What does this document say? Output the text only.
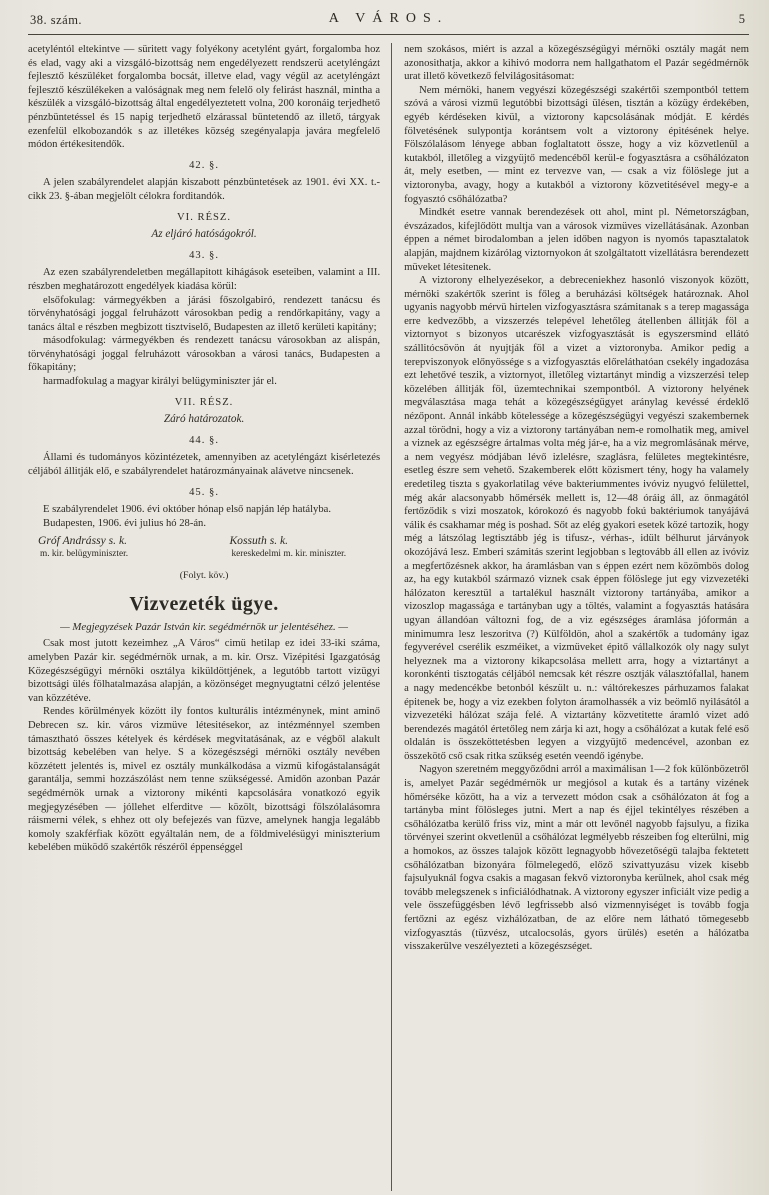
38. szám.	A VÁROS.	5

acetyléntól eltekintve — süritett vagy folyékony acetylént gyárt, forgalomba hoz és elad, vagy aki a vizsgáló-bizottság nem engedélyezett rendszerü acetyléngázt fejlesztő készüléket forgalomba bocsát, illetve elad, vagy végül az acetyléngázt fejlesztő készülékeken a valóságnak meg nem felelő oly felirást használ, mintha a készülék a vizsgáló-bizottság által engedélyeztetett volna, 200 koronáig terjedhető pénzbüntetéssel és 15 napig terjedhető elzárassal büntetendő az illető, tárgyak ezenfelül elkobozandók s az illetékes község szegényalapja javára megfelelő módon értékesitendők.

42. §.

A jelen szabályrendelet alapján kiszabott pénzbüntetések az 1901. évi XX. t.-cikk 23. §-ában megjelölt célokra forditandók.

VI. RÉSZ.
Az eljáró hatóságokról.
43. §.

Az ezen szabályrendeletben megállapitott kihágások eseteiben, valamint a III. részben meghatározott engedélyek kiadása körül:

elsőfokulag: vármegyékben a járási főszolgabiró, rendezett tanácsu és törvényhatósági joggal felruházott városokban pedig a rendőrkapitány, vagy a tanács által e részben megbizott tisztviselő, Budapesten az illető kerületi kapitány;

másodfokulag: vármegyékben és rendezett tanácsu városokban az alispán, törvényhatósági joggal felruházott városokban a városi tanács, Budapesten a főkapitány;

harmadfokulag a magyar királyi belügyminiszter jár el.

VII. RÉSZ.
Záró határozatok.
44. §.

Állami és tudományos közintézetek, amennyiben az acetyléngázt kisérletezés céljából állitják elő, e szabályrendelet határozmányainak alávetve nincsenek.

45. §.

E szabályrendelet 1906. évi október hónap első napján lép hatályba.

Budapesten, 1906. évi julius hó 28-án.

Gróf Andrássy s. k.
m. kir. belügyminiszter.
Kossuth s. k.
kereskedelmi m. kir. miniszter.
(Folyt. köv.)
Vizvezeték ügye.
— Megjegyzések Pazár István kir. segédmérnök ur jelentéséhez. —

Csak most jutott kezeimhez „A Város“ cimü hetilap ez idei 33-iki száma, amelyben Pazár kir. segédmérnök urnak, a m. kir. Orsz. Vizépitési Igazgatóság Közegészségügyi mérnöki osztálya kiküldöttjének, a legutóbb tartott vizügyi bizottsági ülés fölhatalmazása alapján, a közönséget megnyugtatni célzó jelentése van közzétéve.

Rendes körülmények között ily fontos kulturális intézménynek, mint aminő Debrecen sz. kir. város vizmüve létesitésekor, az intézménnyel szemben támasztható összes kételyek és kérdések megvitatásának, az e végből alakult bizottság kebelében van helye. S a közegészségi mérnöki osztály nevében közzétett jelentés is, mivel ez osztály munkálkodása a vizmü kifogástalanságát garantálja, semmi hozzászólást nem tenne szükségessé. Amidőn azonban Pazár segédmérnök urnak a viztorony mikénti kapcsolására vonatkozó egyik megjegyzésében — jóllehet elferditve — közölt, bizottsági fölszólalásomra ráismerni vélek, s ehhez ott oly befejezés van füzve, amelynek hangja legalább komoly szakférfiak között egyáltalán nem, de a földmivelésügyi miniszterium kebelében müködő szakértők részéről éppenséggel

nem szokásos, miért is azzal a közegészségügyi mérnöki osztály magát nem azonosithatja, akkor a kihivó modorra nem hallgathatom el Pazár segédmérnök urat illető következő felvilágositásomat:

Nem mérnöki, hanem vegyészi közegészségi szakértői szempontból tettem szóvá a városi vizmű legutóbbi bizottsági ülésen, tisztán a közügy érdekében, egyéb kérdéseken kivül, a viztorony kapcsolásának módját. E kérdés fölvetésének sulypontja korántsem volt a viztorony épitésének helye. Fölszólalásom lényege abban foglaltatott össze, hogy a viz közvetlenül a kutakból, illetőleg a vizgyüjtő medencéből kerül-e fogyasztásra a csőhálózaton át, mely esetben, — mint ez tervezve van, — csak a viz fölöslege jut a viztoronyba, avagy, hogy a kutakból a viztorony közvetitésével megy-e a fogyasztó csőhálózatba?

Mindkét esetre vannak berendezések ott ahol, mint pl. Németországban, évszázados, kifejlődött multja van a városok vizmüves vizellátásának. Azonban éppen a német birodalomban a jelen időben nagyon is nyomós tapasztalatok alapján, majdnem kizárólag viztornyokon át szolgáltatott vizellátásra berendezett müveket létesitenek.

A viztorony elhelyezésekor, a debreceniekhez hasonló viszonyok között, mérnöki szakértők szerint is főleg a beruházási költségek határoznak. Ahol ugyanis nagyobb mérvü hirtelen vizfogyasztásra számitanak s a terep magassága erre kedvezőbb, a vizszerzés telepével lehetőleg átellenben állitják föl a viztornyot s bizonyos utcarészek vizfogyasztását is egyszersmind ellátó szállitócsövön át nyujtják föl a vizet a viztoronyba. Amikor pedig a terepviszonyok előnyössége s a vizfogyasztás előreláthatóan csekély ingadozása ezt lehetővé teszik, a viztornyot, illetőleg viztartányt mindig a vizszerzési telep közelében állitják föl, üzemtechnikai szempontból. A viztorony helyének megválasztása maga tehát a közegészségügyet aránylag kevéssé érdeklő nézőpont. Annál inkább kötelessége a közegészségügyi vegyészi szakembernek azzal törödni, hogy a viz a viztorony tartányában nem-e romolhatik meg, amivel a viznek az egészségre ártalmas volta még jár-e, ha a viz megromlásának mérve, a nem vegyész módjában lévő izlelésre, szaglásra, felületes megtekintésre, esetleg észre sem vehető. Szakemberek előtt közismert tény, hogy ha valamely eredetileg tiszta s gyakorlatilag véve bakteriummentes ivóviz nyugvó felülettel, még akár alacsonyabb hőmérsék mellett is, 12—48 óráig áll, az önmagától fertőződik s vizi moszatok, kórokozó és nagyobb fokú baktériumok tanyájává válik és csakhamar még is poshad. Sőt az elég gyakori esetek közé tartozik, hogy még a látszólag legtisztább jég is tifusz-, vérhas-, idült bélhurut járványok okozójává lesz. Emberi számitás szerint legjobban s legtovább áll ellen az ivóviz a megfertőzésnek akkor, ha áramlásban van s éppen ezért nem közömbös dolog az, ha egy kutakból származó viznek csak éppen fölöslege jut egy vizvezetéki hálózaton keresztül a tartalékul használt viztorony tartányába, amikor a vizoszlop magassága e tartányban ugy a töltés, valamint a fogyasztás hatására ugyan állandóan változni fog, de a viz egészséges áramlása jóformán a minimumra lesz leszoritva (?) Külföldön, ahol a szakértők a tudomány igaz fegyverével cserélik eszméiket, a vizmüveket épitő vállalkozók oly nagy sulyt helyeznek ma a viztorony kikapcsolása mellett arra, hogy a viztartányt a koronkénti tisztogatás céljából nemcsak két részre osztják választófallal, hanem a nagy medencékbe betonból készült u. n.: váltórekeszes párhuzamos falakat épitenek be, hogy a viz ezekben folyton áramolhassék a viz beömlő nyilásától a vizvezetéki hálózat szája felé. A viztartány közvetitette áramló vizet adó berendezés magától értetőleg nem zárja ki azt, hogy a csőhálózat a kutak felé eső oldalán is összeköttetésben legyen a vizgyüjtő medencével, azonban ez összekötő cső csak ritka szükség esetén veendő igénybe.

Nagyon szeretném meggyőződni arról a maximálisan 1—2 fok különbözetről is, amelyet Pazár segédmérnök ur megjósol a kutak és a tartány vizének hőmérséke között, ha a viz a tervezett módon csak a csőhálózaton át fog a tartányba mint fölösleges jutni. Mert a nap és éjjel tekintélyes részében a csőhálózatba kerülő friss viz, mint a már ott levőnél nagyobb fajsulyu, a fizika törvényei szerint okvetlenül a csőhálózat legmélyebb részeiben fog elterülni, mig a homokos, az összes talajok között legnagyobb hővezetőségü talajba fektetett csőhálózatban bizonyára fölmelegedő, előző szivattyuzásu vizek kisebb fajsulyuknál fogva csakis a magasan fekvő viztoronyba kerülnek, ahol csak még tovább melegszenek s inficiálódhatnak. A viztorony egyszer inficiált vize pedig a vele összefüggésben lévő legfrissebb alsó vizmennyiséget is tovább fogja fertőzni az egész vizhálózatban, de az előre nem látható tömegesebb vizfogyasztás (tüzvész, utcalocsolás, gyors ürülés) esetén a hálózatba visszakerülve veszélyezteti a közegészséget.
